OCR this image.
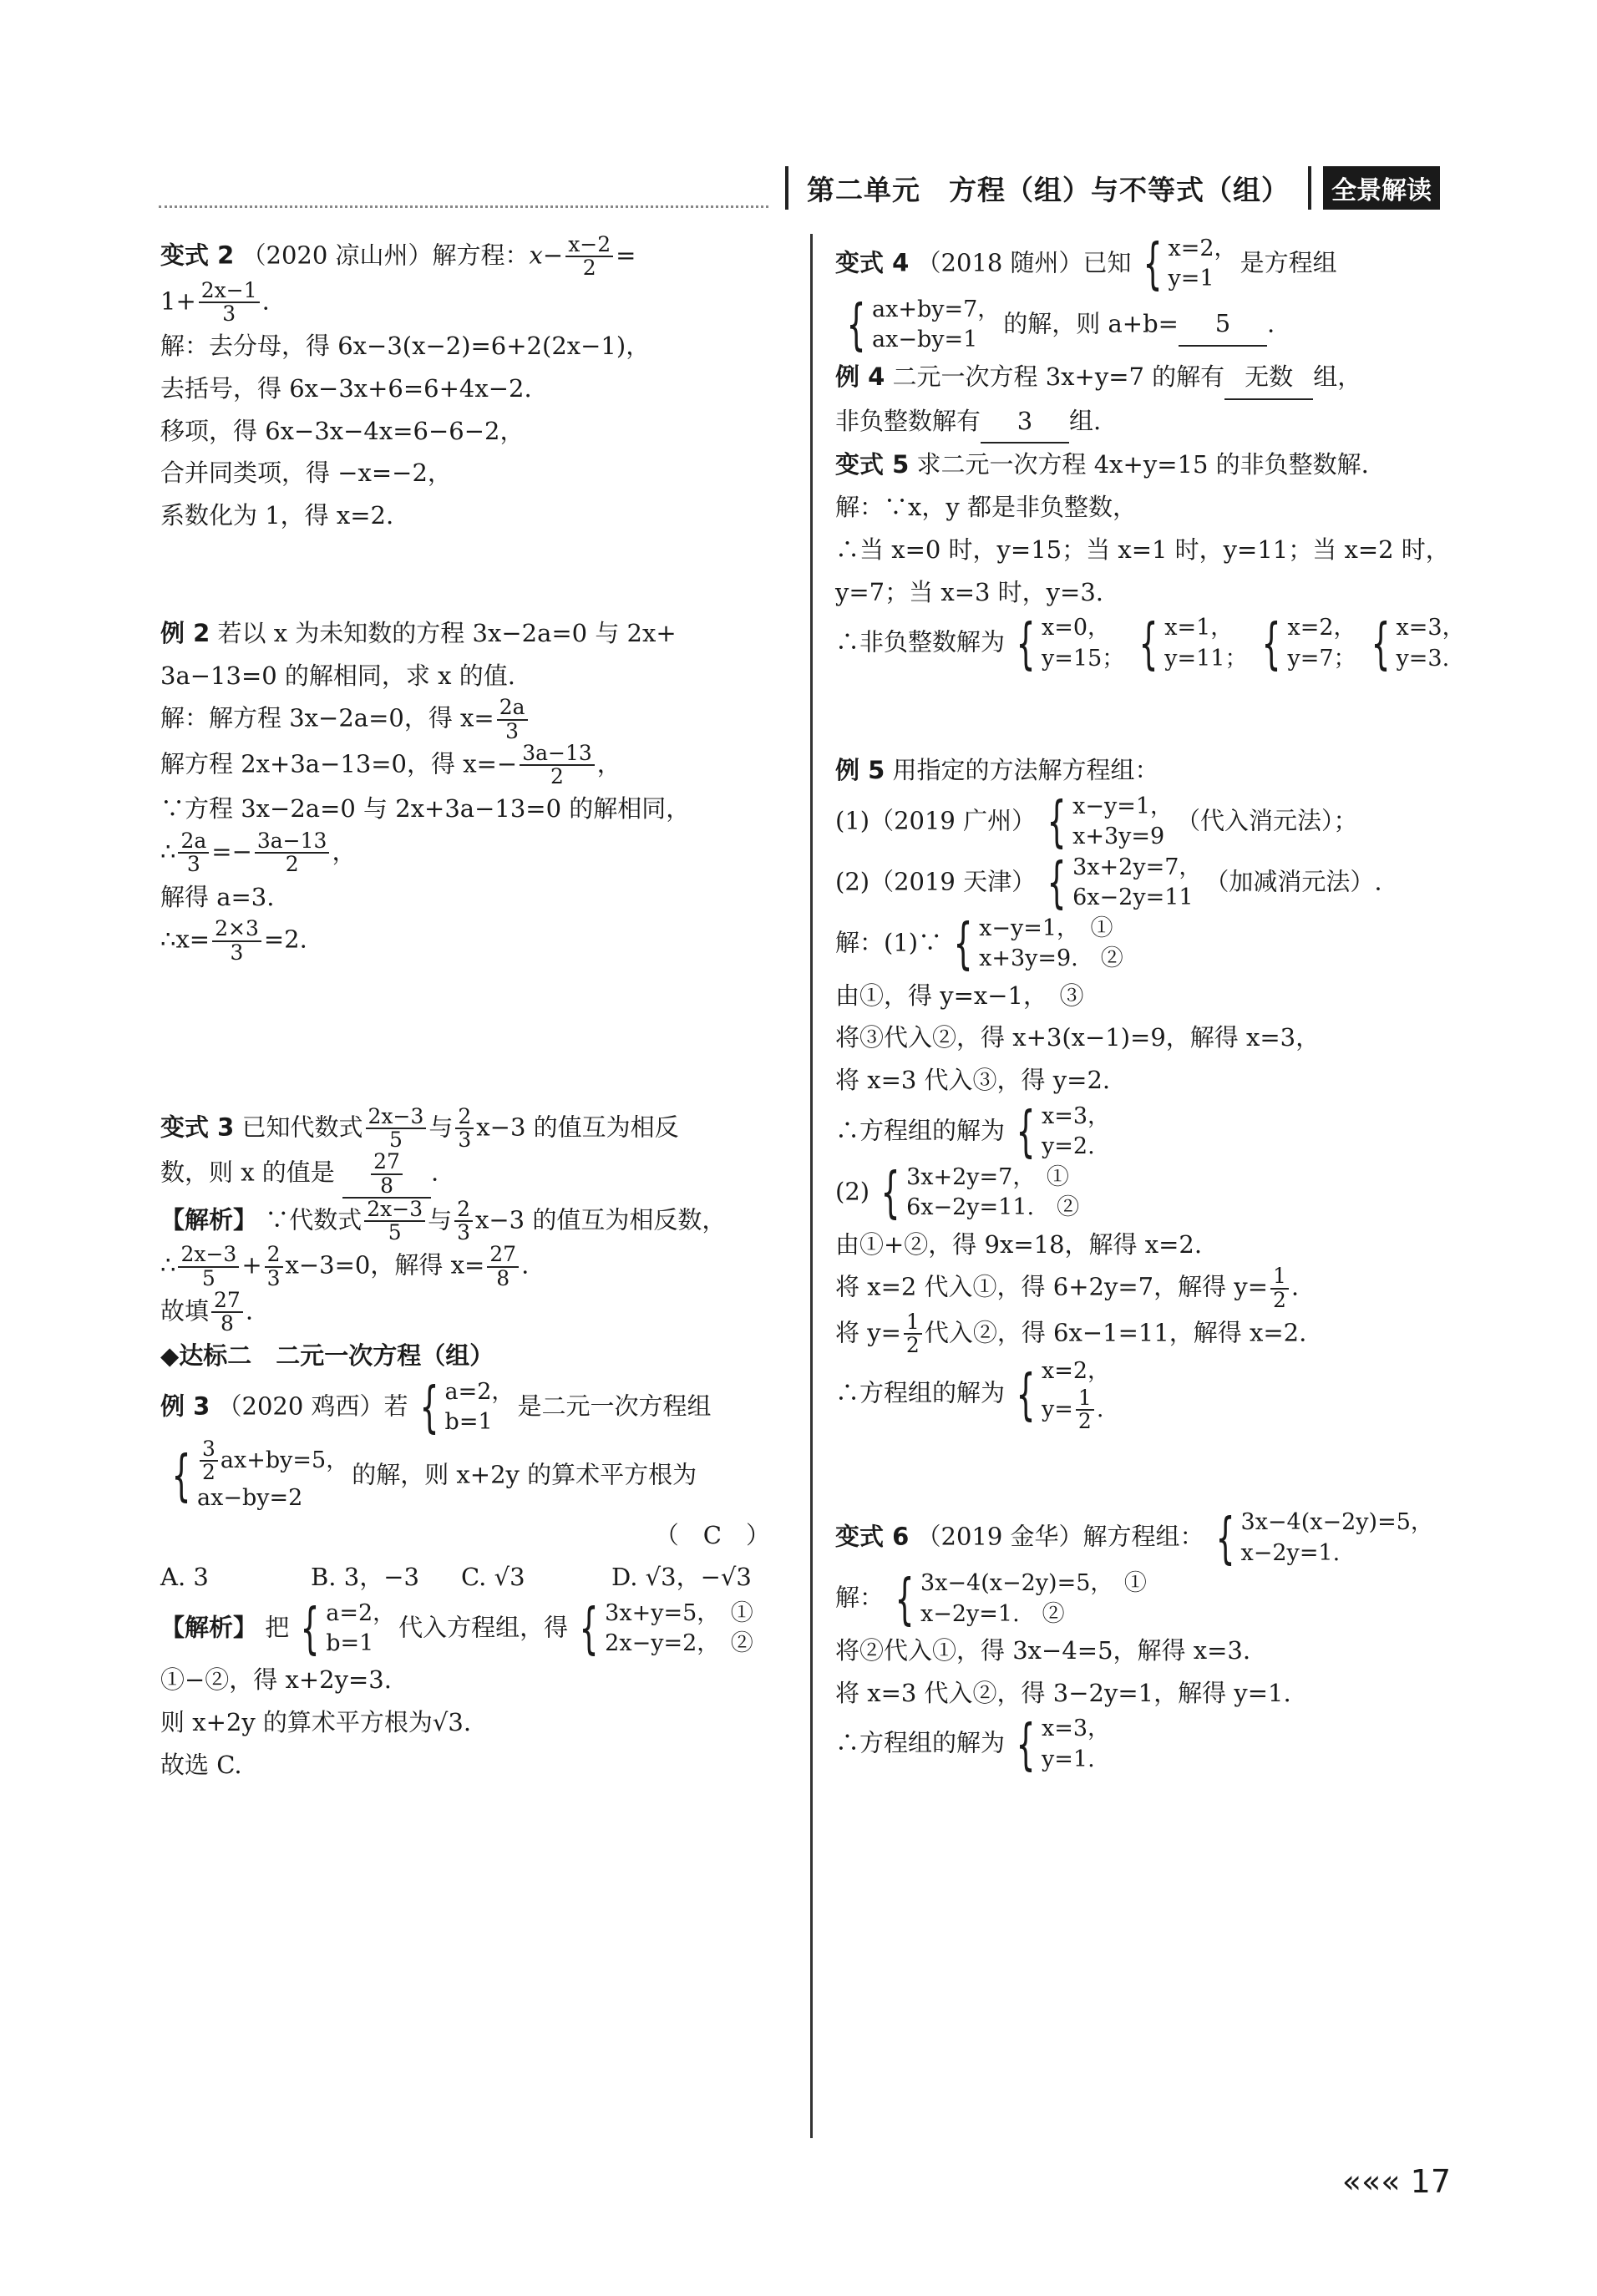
第二单元　方程（组）与不等式（组）	全景解读
变式 2 （2020 凉山州）解方程：$x- \frac{x-2}{2}$ =
$1+ \frac{2x-1}{3}$ .
解：去分母，得 6x−3(x−2)=6+2(2x−1)，
去括号，得 6x−3x+6=6+4x−2.
移项，得 6x−3x−4x=6−6−2，
合并同类项，得 −x=−2，
系数化为 1，得 x=2.
例 2 若以 x 为未知数的方程 3x−2a=0 与 2x+
3a−13=0 的解相同，求 x 的值.
解：解方程 3x−2a=0，得 $x= \frac{2a}{3}$
解方程 2x+3a−13=0，得 $x=- \frac{3a-13}{2}$ ，
∵方程 3x−2a=0 与 2x+3a−13=0 的解相同，
∴ $\frac{2a}{3} =- \frac{3a-13}{2}$ ，
解得 a=3.
∴x= $\frac{2\times 3}{3} =2$.
变式 3 已知代数式 $\frac{2x-3}{5}$ 与 $\frac{2}{3} x-3$ 的值互为相反
数，则 x 的值是 $\frac{27}{8}$ .
【解析】 ∵代数式 $\frac{2x-3}{5}$ 与 $\frac{2}{3} x-3$ 的值互为相反数，
∴ $\frac{2x-3}{5} + \frac{2}{3} x-3=0$，解得 $x= \frac{27}{8}$ .
故填 $\frac{27}{8}$ .
◆达标二　二元一次方程（组）
例 3 （2020 鸡西）若 { a=2，
b=1
是二元一次方程组
{ $\frac{3}{2} ax+by=5$，
ax−by=2
的解，则 x+2y 的算术平方根为
（　C　）
A. 3	B. 3，−3 C. √3	D. √3，−√3
【解析】 把 { a=2，
b=1
代入方程组，得 { 3x+y=5，　①
2x−y=2，　②
①−②，得 x+2y=3.
则 x+2y 的算术平方根为√3.
故选 C.
变式 4 （2018 随州）已知 { x=2，
y=1
是方程组
{ ax+by=7，
ax−by=1
的解，则 a+b= 5 .
例 4 二元一次方程 3x+y=7 的解有 无数 组，
非负整数解有 3 组.
变式 5 求二元一次方程 4x+y=15 的非负整数解.
解：∵x，y 都是非负整数，
∴当 x=0 时，y=15；当 x=1 时，y=11；当 x=2 时，
y=7；当 x=3 时，y=3.
∴非负整数解为 { x=0，
y=15； { x=1，
y=11； { x=2，
y=7； { x=3，
y=3.
例 5 用指定的方法解方程组：
(1)（2019 广州） { x−y=1，
x+3y=9
（代入消元法）；
(2)（2019 天津） { 3x+2y=7，
6x−2y=11
（加减消元法）.
解：(1)∵ { x−y=1，　①
x+3y=9.　②
由①，得 y=x−1，　③
将③代入②，得 x+3(x−1)=9，解得 x=3，
将 x=3 代入③，得 y=2.
∴方程组的解为 { x=3，
y=2.
(2) { 3x+2y=7，　①
6x−2y=11.　②
由①+②，得 9x=18，解得 x=2.
将 x=2 代入①，得 6+2y=7，解得 $y= \frac{1}{2}$ .
将 $y= \frac{1}{2}$ 代入②，得 6x−1=11，解得 x=2.
∴方程组的解为 { x=2，
$y= \frac{1}{2}$ .
变式 6 （2019 金华）解方程组： { 3x−4(x−2y)=5，
x−2y=1.
解： { 3x−4(x−2y)=5，　①
x−2y=1.　②
将②代入①，得 3x−4=5，解得 x=3.
将 x=3 代入②，得 3−2y=1，解得 y=1.
∴方程组的解为 { x=3，
y=1.
««« 17
